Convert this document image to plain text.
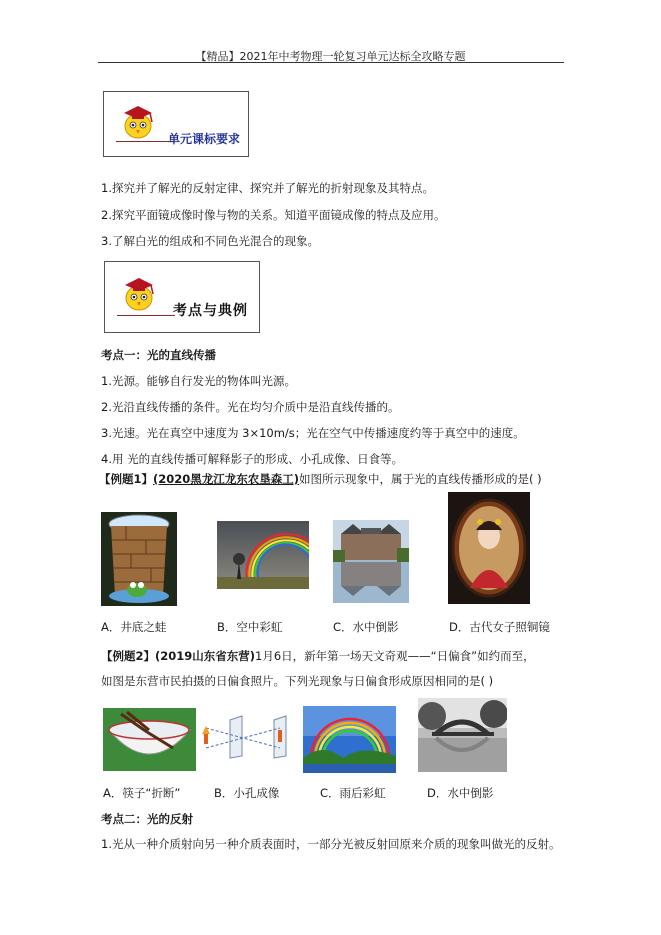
【精品】2021年中考物理一轮复习单元达标全攻略专题
单元课标要求
1.探究并了解光的反射定律、探究并了解光的折射现象及其特点。
2.探究平面镜成像时像与物的关系。知道平面镜成像的特点及应用。
3.了解白光的组成和不同色光混合的现象。
考点与典例
考点一：光的直线传播
1.光源。能够自行发光的物体叫光源。
2.光沿直线传播的条件。光在均匀介质中是沿直线传播的。
3.光速。光在真空中速度为 3×10m/s；光在空气中传播速度约等于真空中的速度。
4.用 光的直线传播可解释影子的形成、小孔成像、日食等。
【例题1】(2020黑龙江龙东农垦森工)如图所示现象中，属于光的直线传播形成的是( )
A．井底之蛙	B．空中彩虹	C．水中倒影	D．古代女子照铜镜
【例题2】(2019山东省东营)1月6日，新年第一场天文奇观——“日偏食”如约而至，
如图是东营市民拍摄的日偏食照片。下列光现象与日偏食形成原因相同的是( )
A．筷子“折断”	B．小孔成像	C．雨后彩虹	D．水中倒影
考点二：光的反射
1.光从一种介质射向另一种介质表面时，一部分光被反射回原来介质的现象叫做光的反射。
